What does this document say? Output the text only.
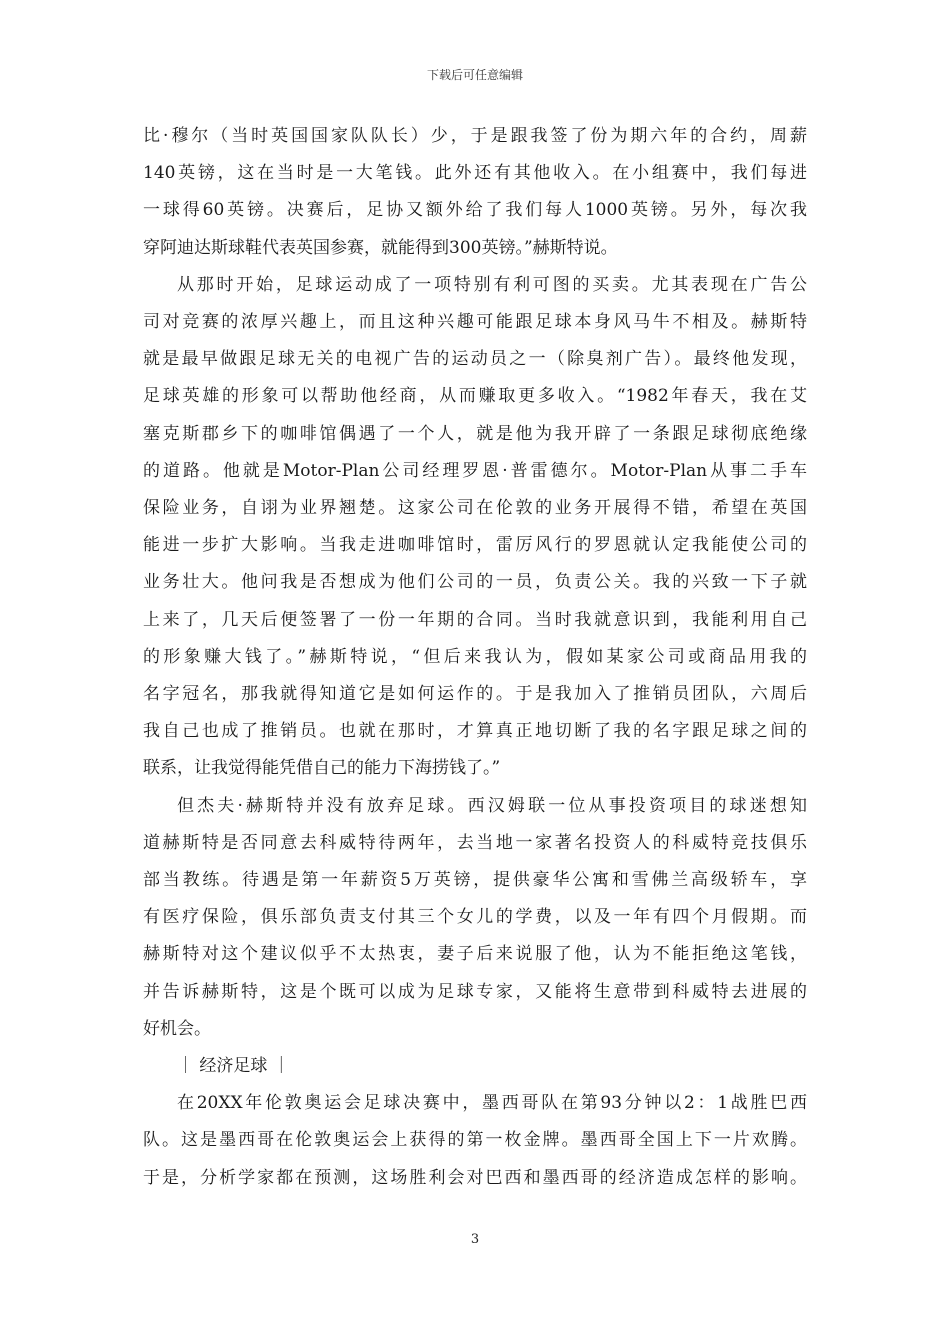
下载后可任意编辑

比·穆尔（当时英国国家队队长）少，于是跟我签了份为期六年的合约，周薪
140英镑，这在当时是一大笔钱。此外还有其他收入。在小组赛中，我们每进
一球得60英镑。决赛后，足协又额外给了我们每人1000英镑。另外，每次我
穿阿迪达斯球鞋代表英国参赛，就能得到300英镑。”赫斯特说。

从那时开始，足球运动成了一项特别有利可图的买卖。尤其表现在广告公
司对竞赛的浓厚兴趣上，而且这种兴趣可能跟足球本身风马牛不相及。赫斯特
就是最早做跟足球无关的电视广告的运动员之一（除臭剂广告）。最终他发现，
足球英雄的形象可以帮助他经商，从而赚取更多收入。“1982年春天，我在艾
塞克斯郡乡下的咖啡馆偶遇了一个人，就是他为我开辟了一条跟足球彻底绝缘
的道路。他就是Motor-Plan公司经理罗恩·普雷德尔。Motor-Plan从事二手车
保险业务，自诩为业界翘楚。这家公司在伦敦的业务开展得不错，希望在英国
能进一步扩大影响。当我走进咖啡馆时，雷厉风行的罗恩就认定我能使公司的
业务壮大。他问我是否想成为他们公司的一员，负责公关。我的兴致一下子就
上来了，几天后便签署了一份一年期的合同。当时我就意识到，我能利用自己
的形象赚大钱了。”赫斯特说，“但后来我认为，假如某家公司或商品用我的
名字冠名，那我就得知道它是如何运作的。于是我加入了推销员团队，六周后
我自己也成了推销员。也就在那时，才算真正地切断了我的名字跟足球之间的
联系，让我觉得能凭借自己的能力下海捞钱了。”

但杰夫·赫斯特并没有放弃足球。西汉姆联一位从事投资项目的球迷想知
道赫斯特是否同意去科威特待两年，去当地一家著名投资人的科威特竞技俱乐
部当教练。待遇是第一年薪资5万英镑，提供豪华公寓和雪佛兰高级轿车，享
有医疗保险，俱乐部负责支付其三个女儿的学费，以及一年有四个月假期。而
赫斯特对这个建议似乎不太热衷，妻子后来说服了他，认为不能拒绝这笔钱，
并告诉赫斯特，这是个既可以成为足球专家，又能将生意带到科威特去进展的
好机会。

｜ 经济足球 ｜

在20XX年伦敦奥运会足球决赛中，墨西哥队在第93分钟以2：1战胜巴西
队。这是墨西哥在伦敦奥运会上获得的第一枚金牌。墨西哥全国上下一片欢腾。
于是，分析学家都在预测，这场胜利会对巴西和墨西哥的经济造成怎样的影响。

3
